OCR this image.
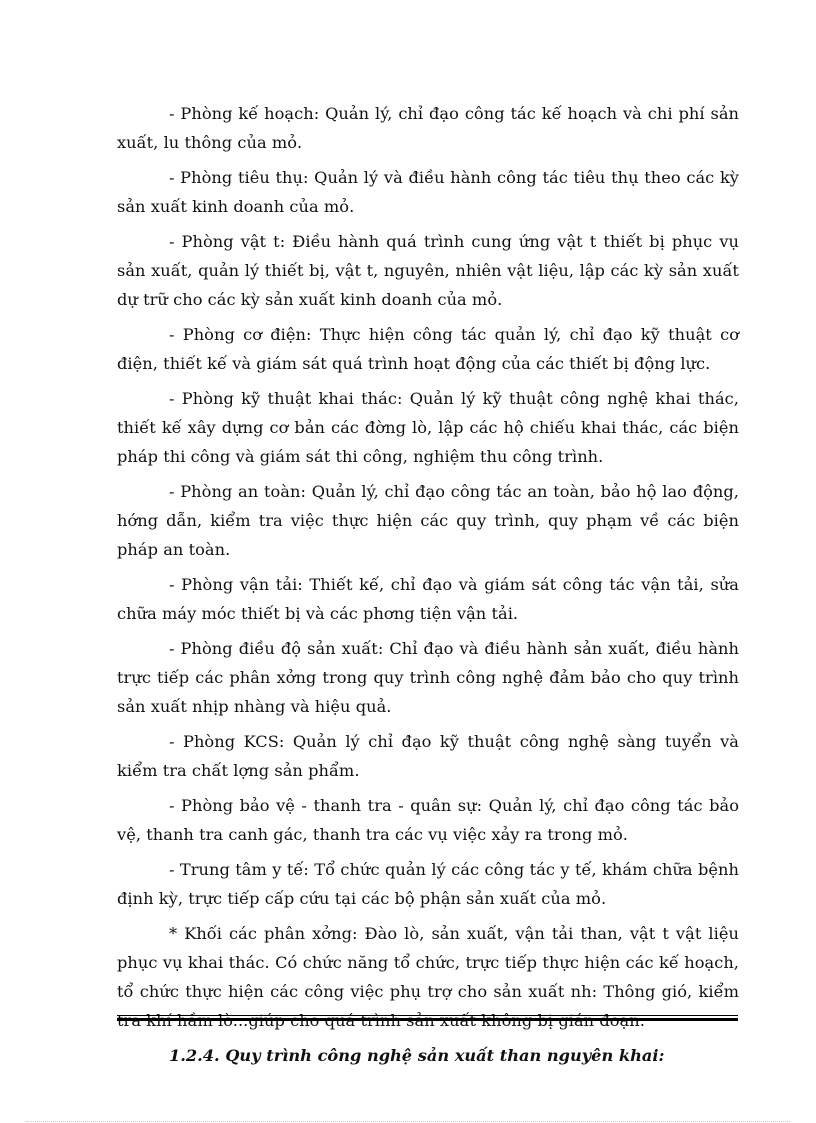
- Phòng kế hoạch: Quản lý, chỉ đạo công tác kế hoạch và chi phí sản xuất, lu thông của mỏ.

- Phòng tiêu thụ: Quản lý và điều hành công tác tiêu thụ theo các kỳ sản xuất kinh doanh của mỏ.

- Phòng vật t: Điều hành quá trình cung ứng vật t thiết bị phục vụ sản xuất, quản lý thiết bị, vật t, nguyên, nhiên vật liệu, lập các kỳ sản xuất dự trữ cho các kỳ sản xuất kinh doanh của mỏ.

- Phòng cơ điện: Thực hiện công tác quản lý, chỉ đạo kỹ thuật cơ điện, thiết kế và giám sát quá trình hoạt động của các thiết bị động lực.

- Phòng kỹ thuật khai thác: Quản lý kỹ thuật công nghệ khai thác, thiết kế xây dựng cơ bản các đờng lò, lập các hộ chiếu khai thác, các biện pháp thi công và giám sát thi công, nghiệm thu công trình.

- Phòng an toàn: Quản lý, chỉ đạo công tác an toàn, bảo hộ lao động, hớng dẫn, kiểm tra việc thực hiện các quy trình, quy phạm về các biện pháp an toàn.

- Phòng vận tải: Thiết kế, chỉ đạo và giám sát công tác vận tải, sửa chữa máy móc thiết bị và các phơng tiện vận tải.

- Phòng điều độ sản xuất: Chỉ đạo và điều hành sản xuất, điều hành trực tiếp các phân xởng trong quy trình công nghệ đảm bảo cho quy trình sản xuất nhịp nhàng và hiệu quả.

- Phòng KCS: Quản lý chỉ đạo kỹ thuật công nghệ sàng tuyển và kiểm tra chất lợng sản phẩm.

- Phòng bảo vệ - thanh tra - quân sự: Quản lý, chỉ đạo công tác bảo vệ, thanh tra canh gác, thanh tra các vụ việc xảy ra trong mỏ.

- Trung tâm y tế: Tổ chức quản lý các công tác y tế, khám chữa bệnh định kỳ, trực tiếp cấp cứu tại các bộ phận sản xuất của mỏ.

* Khối các phân xởng: Đào lò, sản xuất, vận tải than, vật t vật liệu phục vụ khai thác. Có chức năng tổ chức, trực tiếp thực hiện các kế hoạch, tổ chức thực hiện các công việc phụ trợ cho sản xuất nh: Thông gió, kiểm

1.2.4. Quy trình công nghệ sản xuất than nguyên khai:
